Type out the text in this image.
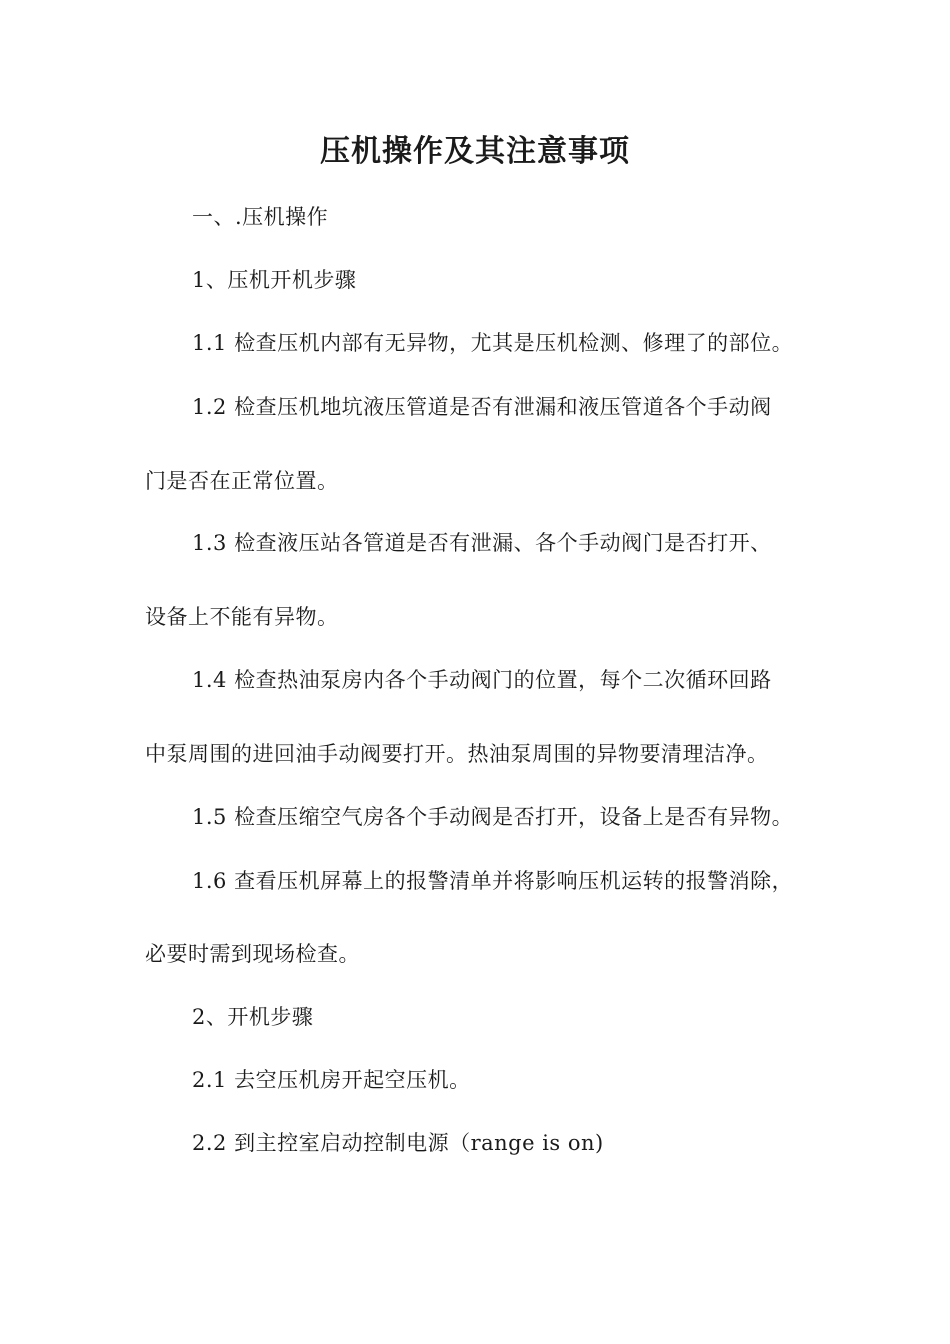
压机操作及其注意事项

一、.压机操作

1、压机开机步骤

1.1 检查压机内部有无异物，尤其是压机检测、修理了的部位。

1.2 检查压机地坑液压管道是否有泄漏和液压管道各个手动阀

门是否在正常位置。

1.3 检查液压站各管道是否有泄漏、各个手动阀门是否打开、

设备上不能有异物。

1.4 检查热油泵房内各个手动阀门的位置，每个二次循环回路

中泵周围的进回油手动阀要打开。热油泵周围的异物要清理洁净。

1.5 检查压缩空气房各个手动阀是否打开，设备上是否有异物。

1.6 查看压机屏幕上的报警清单并将影响压机运转的报警消除，

必要时需到现场检查。

2、开机步骤

2.1 去空压机房开起空压机。

2.2 到主控室启动控制电源（range is on)
